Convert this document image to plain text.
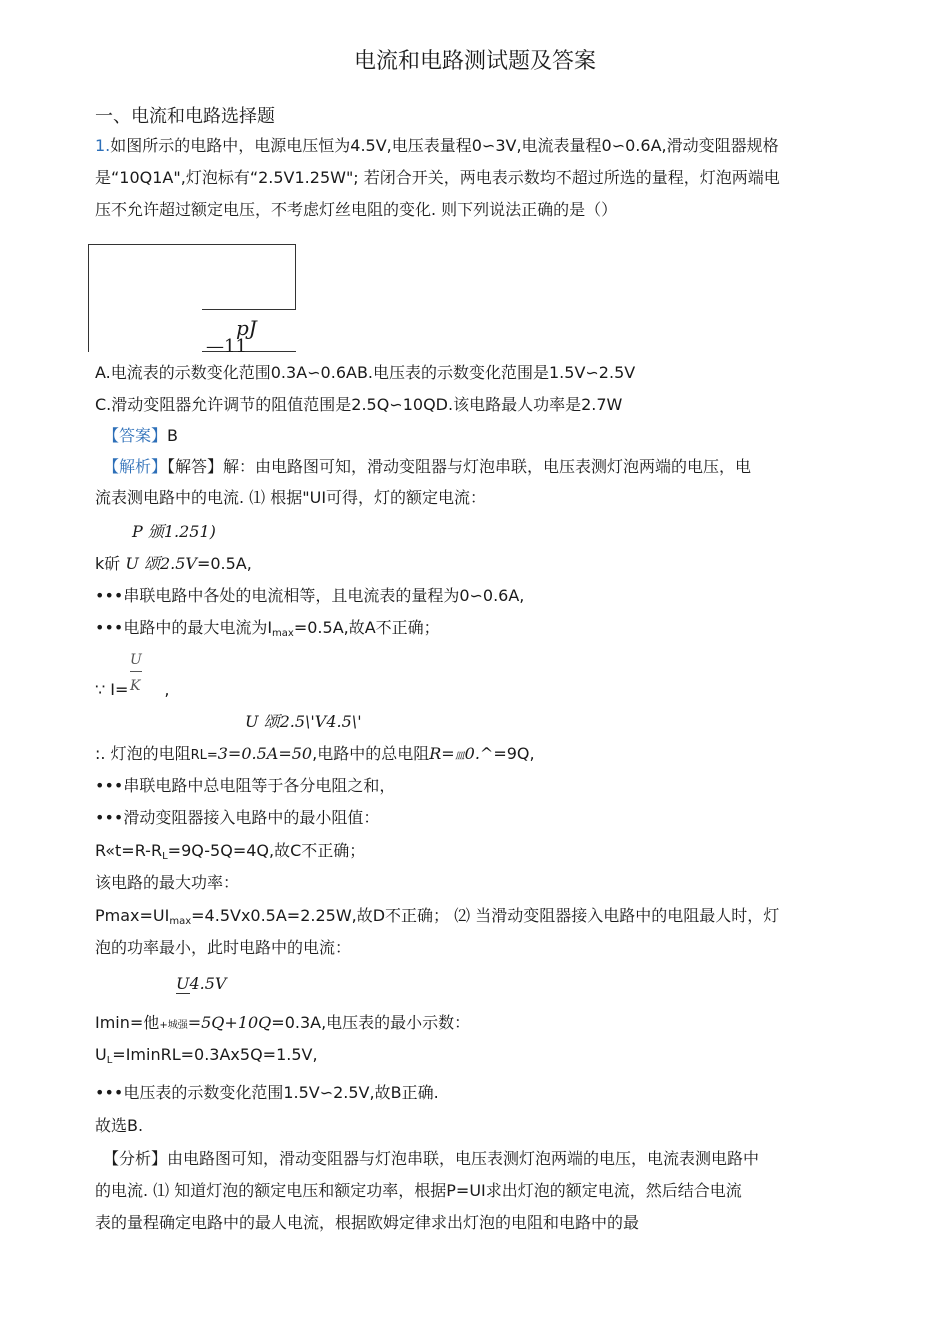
电流和电路测试题及答案
一、电流和电路选择题
1.如图所示的电路中，电源电压恒为4.5V,电压表量程0∽3V,电流表量程0∽0.6A,滑动变阻器规格
是“10Q1A",灯泡标有“2.5V1.25W"; 若闭合开关，两电表示数均不超过所选的量程，灯泡两端电
压不允许超过额定电压，不考虑灯丝电阻的变化. 则下列说法正确的是（）
pJ
—11
A.电流表的示数变化范围0.3A∽0.6AB.电压表的示数变化范围是1.5V∽2.5V
C.滑动变阻器允许调节的阻值范围是2.5Q∽10QD.该电路最人功率是2.7W
【答案】B
【解析】【解答】解：由电路图可知，滑动变阻器与灯泡串联，电压表测灯泡两端的电压，电
流表测电路中的电流. ⑴ 根据"UI可得，灯的额定电流：
P 颁1.251)
k斫 U 颂2.5V=0.5A,
•••串联电路中各处的电流相等，且电流表的量程为0∽0.6A,
•••电路中的最大电流为$I_{max}=0.5A$,故A不正确；
U
K
∵ I= ,
U 颂2.5\'V4.5\'
:. 灯泡的电阻RL=3=0.5A=50,电路中的总电阻R=皿0.^=9Q,
•••串联电路中总电阻等于各分电阻之和，
•••滑动变阻器接入电路中的最小阻值：
$R«t=R-R_L=9Q-5Q=4Q$,故C不正确；
该电路的最大功率：
$Pmax=UI_{max}=4.5Vx0.5A=2.25W$,故D不正确； ⑵ 当滑动变阻器接入电路中的电阻最人时，灯
泡的功率最小，此时电路中的电流：
U4.5V
Imin=他+城强=5Q+10Q=0.3A,电压表的最小示数：
$U_L=IminRL=0.3Ax5Q=1.5V$,
•••电压表的示数变化范围1.5V∽2.5V,故B正确.
故选B.
【分析】由电路图可知，滑动变阻器与灯泡串联，电压表测灯泡两端的电压，电流表测电路中
的电流. ⑴ 知道灯泡的额定电压和额定功率，根据P=UI求出灯泡的额定电流，然后结合电流
表的量程确定电路中的最人电流，根据欧姆定律求出灯泡的电阻和电路中的最
